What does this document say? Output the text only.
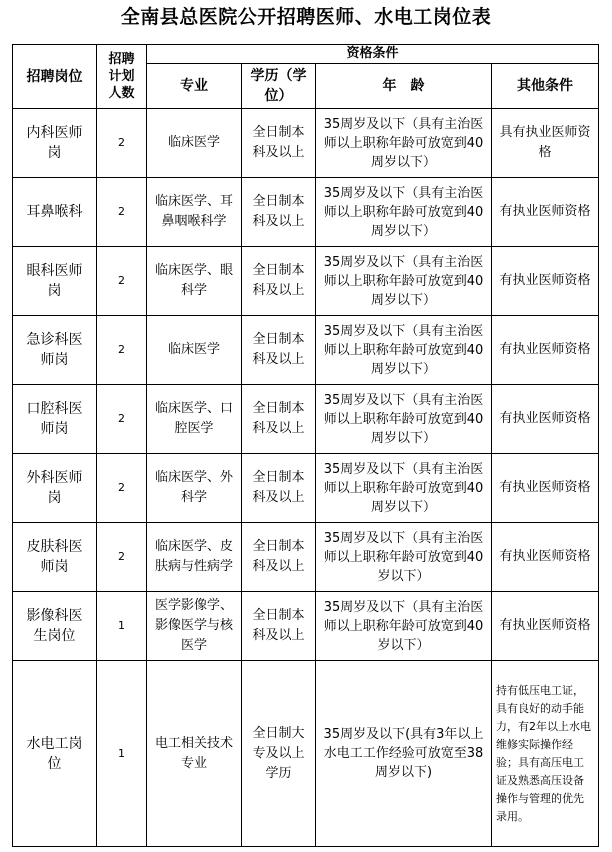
全南县总医院公开招聘医师、水电工岗位表
招聘岗位	招聘计划人数	资格条件			
		专业	学历（学位）	年　龄	其他条件
内科医师岗	2	临床医学	全日制本科及以上	35周岁及以下（具有主治医师以上职称年龄可放宽到40周岁以下）	具有执业医师资格
耳鼻喉科	2	临床医学、耳鼻咽喉科学	全日制本科及以上	35周岁及以下（具有主治医师以上职称年龄可放宽到40周岁以下）	有执业医师资格
眼科医师岗	2	临床医学、眼科学	全日制本科及以上	35周岁及以下（具有主治医师以上职称年龄可放宽到40周岁以下）	有执业医师资格
急诊科医师岗	2	临床医学	全日制本科及以上	35周岁及以下（具有主治医师以上职称年龄可放宽到40周岁以下）	有执业医师资格
口腔科医师岗	2	临床医学、口腔医学	全日制本科及以上	35周岁及以下（具有主治医师以上职称年龄可放宽到40周岁以下）	有执业医师资格
外科医师岗	2	临床医学、外科学	全日制本科及以上	35周岁及以下（具有主治医师以上职称年龄可放宽到40周岁以下）	有执业医师资格
皮肤科医师岗	2	临床医学、皮肤病与性病学	全日制本科及以上	35周岁及以下（具有主治医师以上职称年龄可放宽到40岁以下）	有执业医师资格
影像科医生岗位	1	医学影像学、影像医学与核医学	全日制本科及以上	35周岁及以下（具有主治医师以上职称年龄可放宽到40岁以下）	有执业医师资格
水电工岗位	1	电工相关技术专业	全日制大专及以上学历	35周岁及以下(具有3年以上水电工工作经验可放宽至38周岁以下)	持有低压电工证，具有良好的动手能力，有2年以上水电维修实际操作经验；具有高压电工证及熟悉高压设备操作与管理的优先录用。
